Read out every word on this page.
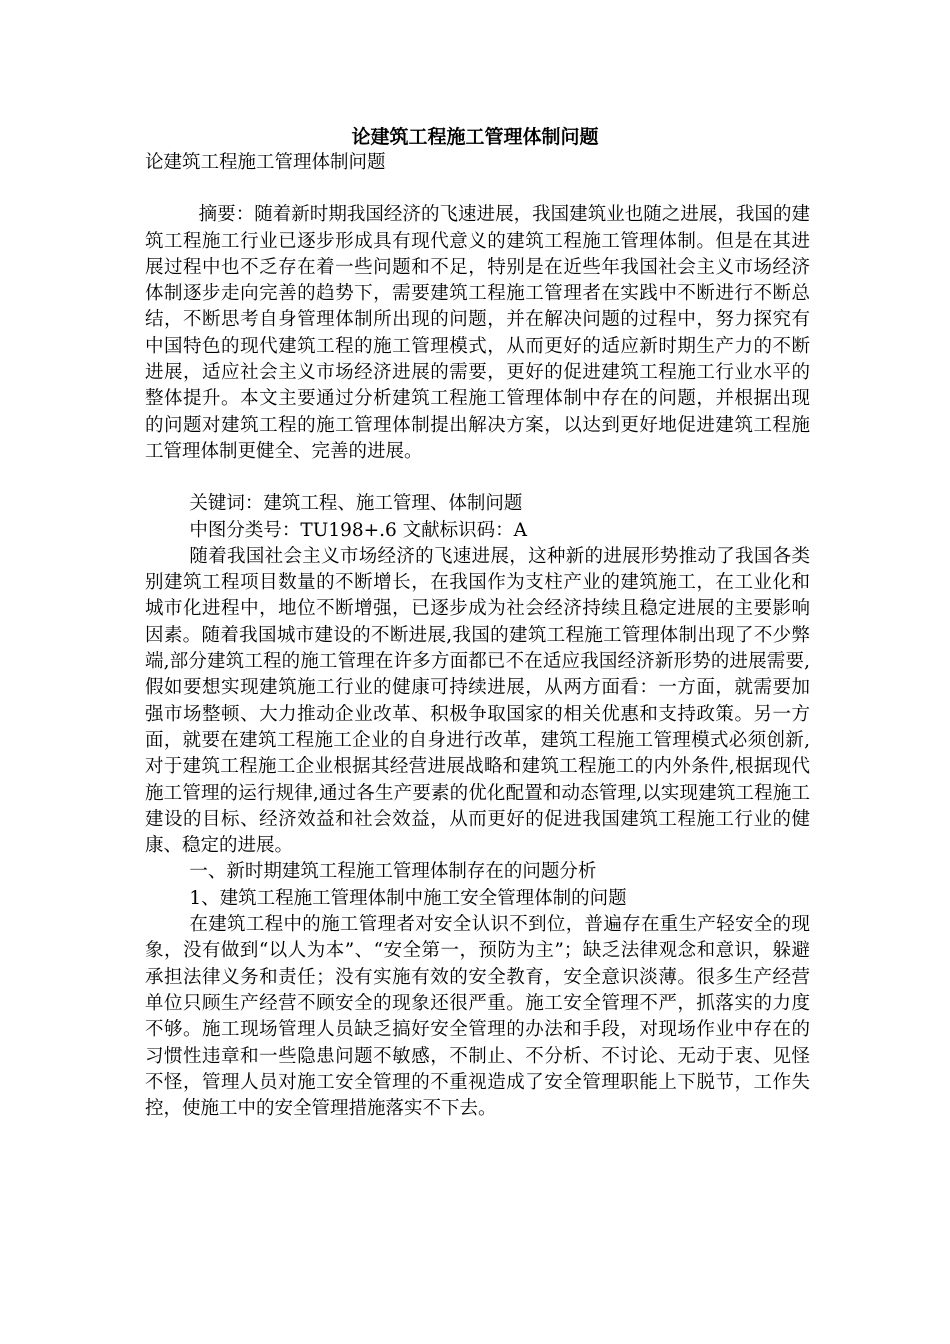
论建筑工程施工管理体制问题

论建筑工程施工管理体制问题

摘要：随着新时期我国经济的飞速进展，我国建筑业也随之进展，我国的建筑工程施工行业已逐步形成具有现代意义的建筑工程施工管理体制。但是在其进展过程中也不乏存在着一些问题和不足，特别是在近些年我国社会主义市场经济体制逐步走向完善的趋势下，需要建筑工程施工管理者在实践中不断进行不断总结，不断思考自身管理体制所出现的问题，并在解决问题的过程中，努力探究有中国特色的现代建筑工程的施工管理模式，从而更好的适应新时期生产力的不断进展，适应社会主义市场经济进展的需要，更好的促进建筑工程施工行业水平的整体提升。本文主要通过分析建筑工程施工管理体制中存在的问题，并根据出现的问题对建筑工程的施工管理体制提出解决方案，以达到更好地促进建筑工程施工管理体制更健全、完善的进展。

关键词：建筑工程、施工管理、体制问题

中图分类号：TU198+.6 文献标识码：A

随着我国社会主义市场经济的飞速进展，这种新的进展形势推动了我国各类别建筑工程项目数量的不断增长，在我国作为支柱产业的建筑施工，在工业化和城市化进程中，地位不断增强，已逐步成为社会经济持续且稳定进展的主要影响因素。随着我国城市建设的不断进展,我国的建筑工程施工管理体制出现了不少弊端,部分建筑工程的施工管理在许多方面都已不在适应我国经济新形势的进展需要,假如要想实现建筑施工行业的健康可持续进展，从两方面看：一方面，就需要加强市场整顿、大力推动企业改革、积极争取国家的相关优惠和支持政策。另一方面，就要在建筑工程施工企业的自身进行改革，建筑工程施工管理模式必须创新,对于建筑工程施工企业根据其经营进展战略和建筑工程施工的内外条件,根据现代施工管理的运行规律,通过各生产要素的优化配置和动态管理,以实现建筑工程施工建设的目标、经济效益和社会效益，从而更好的促进我国建筑工程施工行业的健康、稳定的进展。

一、新时期建筑工程施工管理体制存在的问题分析

1、建筑工程施工管理体制中施工安全管理体制的问题

在建筑工程中的施工管理者对安全认识不到位，普遍存在重生产轻安全的现象，没有做到“以人为本”、“安全第一，预防为主”；缺乏法律观念和意识，躲避承担法律义务和责任；没有实施有效的安全教育，安全意识淡薄。很多生产经营单位只顾生产经营不顾安全的现象还很严重。施工安全管理不严，抓落实的力度不够。施工现场管理人员缺乏搞好安全管理的办法和手段，对现场作业中存在的习惯性违章和一些隐患问题不敏感，不制止、不分析、不讨论、无动于衷、见怪不怪，管理人员对施工安全管理的不重视造成了安全管理职能上下脱节，工作失控，使施工中的安全管理措施落实不下去。
